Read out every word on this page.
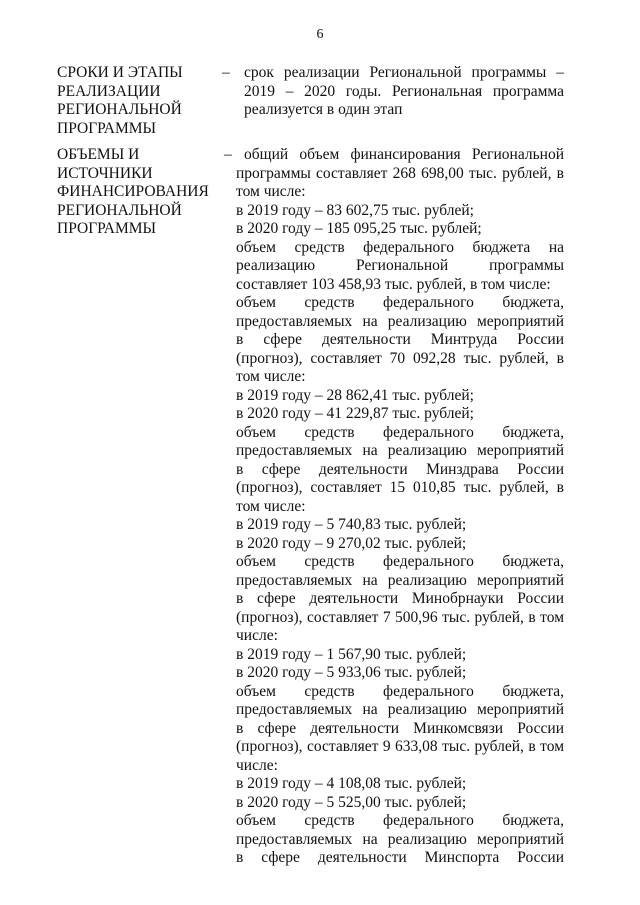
6
СРОКИ И ЭТАПЫ
РЕАЛИЗАЦИИ
РЕГИОНАЛЬНОЙ
ПРОГРАММЫ
– срок реализации Региональной программы –
2019 – 2020 годы. Региональная программа
реализуется в один этап
ОБЪЕМЫ И
ИСТОЧНИКИ
ФИНАНСИРОВАНИЯ
РЕГИОНАЛЬНОЙ
ПРОГРАММЫ
– общий объем финансирования Региональной
программы составляет 268 698,00 тыс. рублей, в
том числе:
в 2019 году – 83 602,75 тыс. рублей;
в 2020 году – 185 095,25 тыс. рублей;
объем средств федерального бюджета на
реализацию Региональной программы
составляет 103 458,93 тыс. рублей, в том числе:
объем средств федерального бюджета,
предоставляемых на реализацию мероприятий
в сфере деятельности Минтруда России
(прогноз), составляет 70 092,28 тыс. рублей, в
том числе:
в 2019 году – 28 862,41 тыс. рублей;
в 2020 году – 41 229,87 тыс. рублей;
объем средств федерального бюджета,
предоставляемых на реализацию мероприятий
в сфере деятельности Минздрава России
(прогноз), составляет 15 010,85 тыс. рублей, в
том числе:
в 2019 году – 5 740,83 тыс. рублей;
в 2020 году – 9 270,02 тыс. рублей;
объем средств федерального бюджета,
предоставляемых на реализацию мероприятий
в сфере деятельности Минобрнауки России
(прогноз), составляет 7 500,96 тыс. рублей, в том
числе:
в 2019 году – 1 567,90 тыс. рублей;
в 2020 году – 5 933,06 тыс. рублей;
объем средств федерального бюджета,
предоставляемых на реализацию мероприятий
в сфере деятельности Минкомсвязи России
(прогноз), составляет 9 633,08 тыс. рублей, в том
числе:
в 2019 году – 4 108,08 тыс. рублей;
в 2020 году – 5 525,00 тыс. рублей;
объем средств федерального бюджета,
предоставляемых на реализацию мероприятий
в сфере деятельности Минспорта России
